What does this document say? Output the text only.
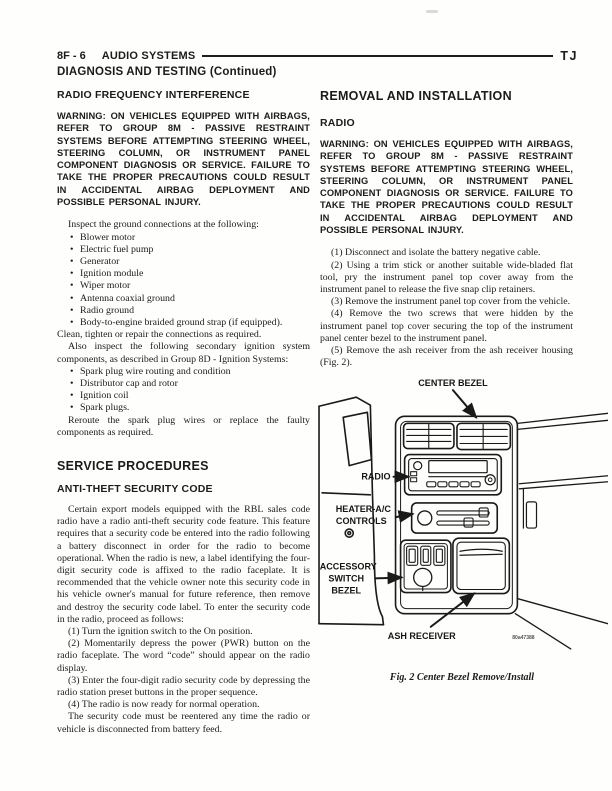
8F - 6 AUDIO SYSTEMS	TJ
DIAGNOSIS AND TESTING (Continued)
RADIO FREQUENCY INTERFERENCE

WARNING: ON VEHICLES EQUIPPED WITH AIRBAGS, REFER TO GROUP 8M - PASSIVE RESTRAINT SYSTEMS BEFORE ATTEMPTING STEERING WHEEL, STEERING COLUMN, OR INSTRUMENT PANEL COMPONENT DIAGNOSIS OR SERVICE. FAILURE TO TAKE THE PROPER PRECAUTIONS COULD RESULT IN ACCIDENTAL AIRBAG DEPLOYMENT AND POSSIBLE PERSONAL INJURY.

Inspect the ground connections at the following:

• Blower motor
• Electric fuel pump
• Generator
• Ignition module
• Wiper motor
• Antenna coaxial ground
• Radio ground
• Body-to-engine braided ground strap (if equipped).

Clean, tighten or repair the connections as required.

Also inspect the following secondary ignition system components, as described in Group 8D - Ignition Systems:

• Spark plug wire routing and condition
• Distributor cap and rotor
• Ignition coil
• Spark plugs.

Reroute the spark plug wires or replace the faulty components as required.

SERVICE PROCEDURES
ANTI-THEFT SECURITY CODE

Certain export models equipped with the RBL sales code radio have a radio anti-theft security code feature. This feature requires that a security code be entered into the radio following a battery disconnect in order for the radio to become operational. When the radio is new, a label identifying the four-digit security code is affixed to the radio faceplate. It is recommended that the vehicle owner note this security code in his vehicle owner's manual for future reference, then remove and destroy the security code label. To enter the security code in the radio, proceed as follows:

(1) Turn the ignition switch to the On position.

(2) Momentarily depress the power (PWR) button on the radio faceplate. The word “code” should appear on the radio display.

(3) Enter the four-digit radio security code by depressing the radio station preset buttons in the proper sequence.

(4) The radio is now ready for normal operation.

The security code must be reentered any time the radio or vehicle is disconnected from battery feed.

REMOVAL AND INSTALLATION
RADIO

WARNING: ON VEHICLES EQUIPPED WITH AIRBAGS, REFER TO GROUP 8M - PASSIVE RESTRAINT SYSTEMS BEFORE ATTEMPTING STEERING WHEEL, STEERING COLUMN, OR INSTRUMENT PANEL COMPONENT DIAGNOSIS OR SERVICE. FAILURE TO TAKE THE PROPER PRECAUTIONS COULD RESULT IN ACCIDENTAL AIRBAG DEPLOYMENT AND POSSIBLE PERSONAL INJURY.

(1) Disconnect and isolate the battery negative cable.

(2) Using a trim stick or another suitable wide-bladed flat tool, pry the instrument panel top cover away from the instrument panel to release the five snap clip retainers.

(3) Remove the instrument panel top cover from the vehicle.

(4) Remove the two screws that were hidden by the instrument panel top cover securing the top of the instrument panel center bezel to the instrument panel.

(5) Remove the ash receiver from the ash receiver housing (Fig. 2).

CENTER BEZEL
RADIO
HEATER-A/C
CONTROLS
ACCESSORY
SWITCH
BEZEL
ASH RECEIVER	80a47388
Fig. 2 Center Bezel Remove/Install
